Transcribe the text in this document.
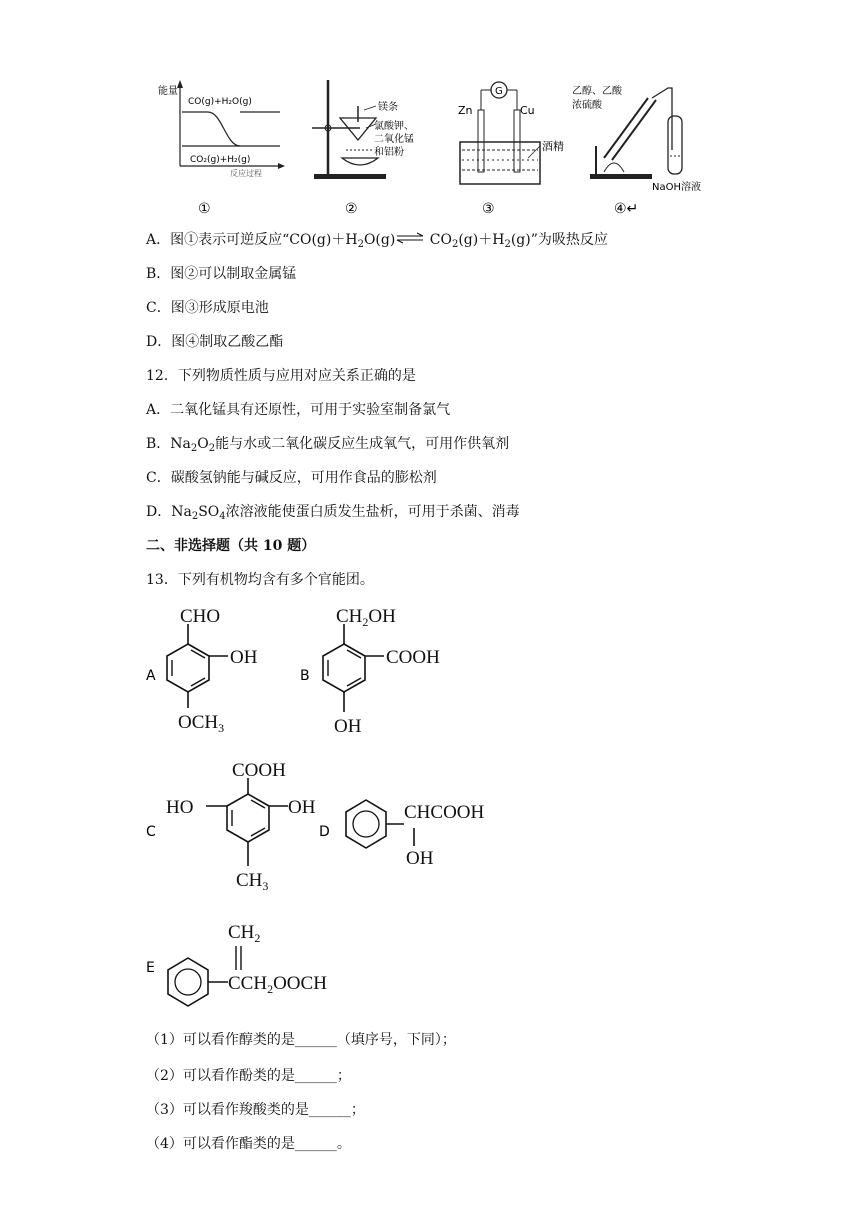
能量
CO(g)+H₂O(g)
CO₂(g)+H₂(g)
反应过程
①
镁条
氯酸钾、
二氧化锰
和铝粉
②
G
Zn	Cu
酒精
③
乙醇、乙酸
浓硫酸
NaOH溶液
④↵
A．图①表示可逆反应“$CO(g)+H_2O(g)\rightleftharpoons$ $CO_2(g)+H_2(g)$”为吸热反应
B．图②可以制取金属锰
C．图③形成原电池
D．图④制取乙酸乙酯
12．下列物质性质与应用对应关系正确的是
A．二氧化锰具有还原性，可用于实验室制备氯气
B．$Na_2O_2$能与水或二氧化碳反应生成氧气，可用作供氧剂
C．碳酸氢钠能与碱反应，可用作食品的膨松剂
D．$Na_2SO_4$浓溶液能使蛋白质发生盐析，可用于杀菌、消毒
二、非选择题（共 10 题）
13．下列有机物均含有多个官能团。
A
CHO
OH
$OCH_3$
B
$CH_2OH$
COOH
OH
C
COOH
HO	OH
$CH_3$
D
CHCOOH
OH
E
$CH_2$
$CCH_2OOCH$
（1）可以看作醇类的是______（填序号，下同）；
（2）可以看作酚类的是______；
（3）可以看作羧酸类的是______；
（4）可以看作酯类的是______。
